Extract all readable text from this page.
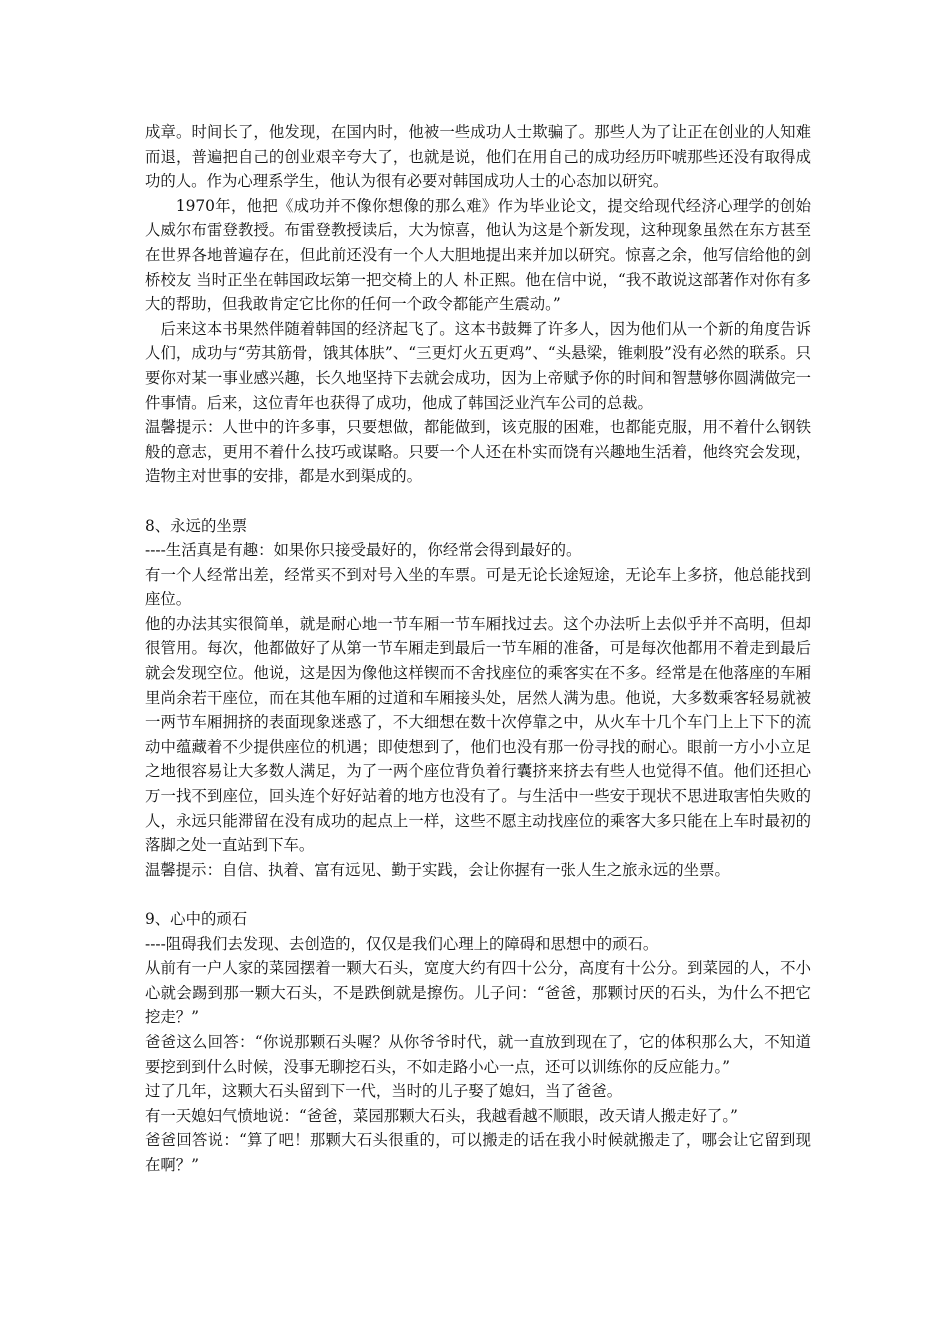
成章。时间长了，他发现，在国内时，他被一些成功人士欺骗了。那些人为了让正在创业的人知难而退，普遍把自己的创业艰辛夸大了，也就是说，他们在用自己的成功经历吓唬那些还没有取得成功的人。作为心理系学生，他认为很有必要对韩国成功人士的心态加以研究。

1970年，他把《成功并不像你想像的那么难》作为毕业论文，提交给现代经济心理学的创始人威尔布雷登教授。布雷登教授读后，大为惊喜，他认为这是个新发现，这种现象虽然在东方甚至在世界各地普遍存在，但此前还没有一个人大胆地提出来并加以研究。惊喜之余，他写信给他的剑桥校友 当时正坐在韩国政坛第一把交椅上的人 朴正熙。他在信中说，“我不敢说这部著作对你有多大的帮助，但我敢肯定它比你的任何一个政令都能产生震动。”

后来这本书果然伴随着韩国的经济起飞了。这本书鼓舞了许多人，因为他们从一个新的角度告诉人们，成功与“劳其筋骨，饿其体肤”、“三更灯火五更鸡”、“头悬梁，锥刺股”没有必然的联系。只要你对某一事业感兴趣，长久地坚持下去就会成功，因为上帝赋予你的时间和智慧够你圆满做完一件事情。后来，这位青年也获得了成功，他成了韩国泛业汽车公司的总裁。

温馨提示：人世中的许多事，只要想做，都能做到，该克服的困难，也都能克服，用不着什么钢铁般的意志，更用不着什么技巧或谋略。只要一个人还在朴实而饶有兴趣地生活着，他终究会发现，造物主对世事的安排，都是水到渠成的。

8、永远的坐票

----生活真是有趣：如果你只接受最好的，你经常会得到最好的。

有一个人经常出差，经常买不到对号入坐的车票。可是无论长途短途，无论车上多挤，他总能找到座位。

他的办法其实很简单，就是耐心地一节车厢一节车厢找过去。这个办法听上去似乎并不高明，但却很管用。每次，他都做好了从第一节车厢走到最后一节车厢的准备，可是每次他都用不着走到最后就会发现空位。他说，这是因为像他这样锲而不舍找座位的乘客实在不多。经常是在他落座的车厢里尚余若干座位，而在其他车厢的过道和车厢接头处，居然人满为患。他说，大多数乘客轻易就被一两节车厢拥挤的表面现象迷惑了，不大细想在数十次停靠之中，从火车十几个车门上上下下的流动中蕴藏着不少提供座位的机遇；即使想到了，他们也没有那一份寻找的耐心。眼前一方小小立足之地很容易让大多数人满足，为了一两个座位背负着行囊挤来挤去有些人也觉得不值。他们还担心万一找不到座位，回头连个好好站着的地方也没有了。与生活中一些安于现状不思进取害怕失败的人，永远只能滞留在没有成功的起点上一样，这些不愿主动找座位的乘客大多只能在上车时最初的落脚之处一直站到下车。

温馨提示：自信、执着、富有远见、勤于实践，会让你握有一张人生之旅永远的坐票。

9、心中的顽石

----阻碍我们去发现、去创造的，仅仅是我们心理上的障碍和思想中的顽石。

从前有一户人家的菜园摆着一颗大石头，宽度大约有四十公分，高度有十公分。到菜园的人，不小心就会踢到那一颗大石头，不是跌倒就是擦伤。儿子问：“爸爸，那颗讨厌的石头，为什么不把它挖走？”

爸爸这么回答：“你说那颗石头喔？从你爷爷时代，就一直放到现在了，它的体积那么大，不知道要挖到到什么时候，没事无聊挖石头，不如走路小心一点，还可以训练你的反应能力。”

过了几年，这颗大石头留到下一代，当时的儿子娶了媳妇，当了爸爸。

有一天媳妇气愤地说：“爸爸，菜园那颗大石头，我越看越不顺眼，改天请人搬走好了。”

爸爸回答说：“算了吧！那颗大石头很重的，可以搬走的话在我小时候就搬走了，哪会让它留到现在啊？”
